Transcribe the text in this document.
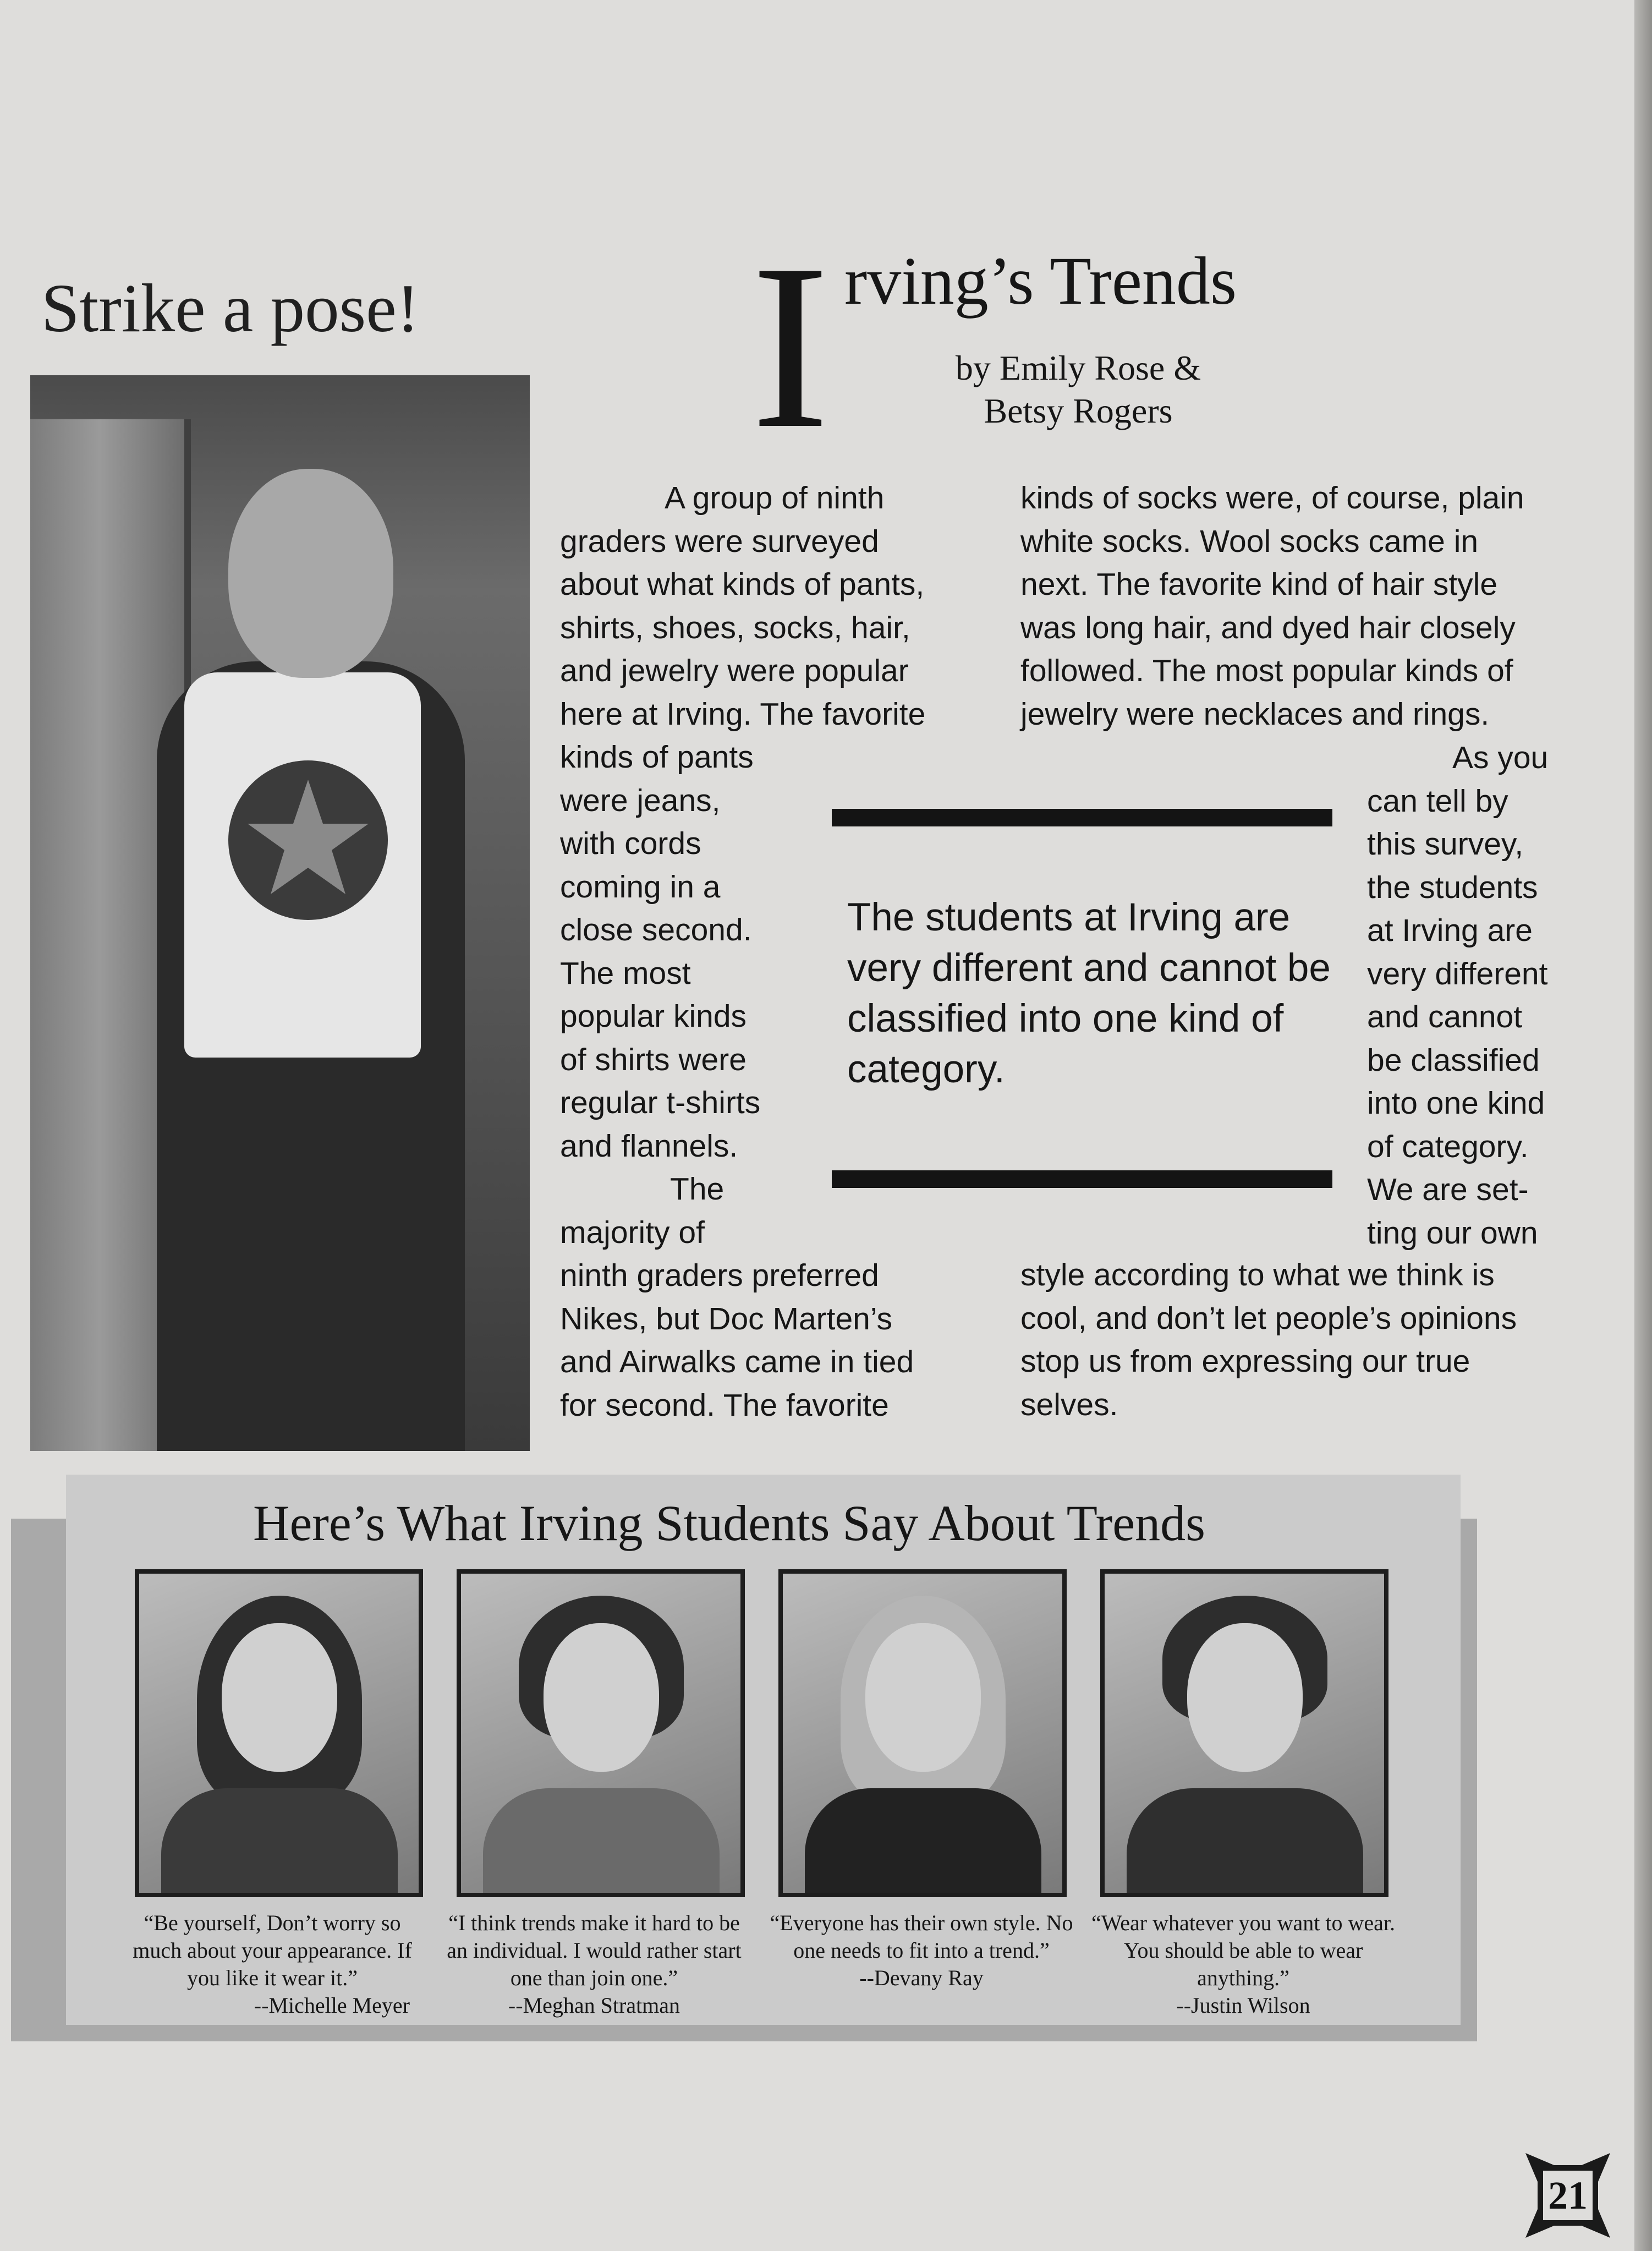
Strike a pose! I rving’s Trends
by Emily Rose &
Betsy Rogers

A group of ninth

graders were surveyed

about what kinds of pants,

shirts, shoes, socks, hair,

and jewelry were popular

here at Irving. The favorite

kinds of pants

were jeans,

with cords

coming in a

close second.

The most

popular kinds

of shirts were

regular t-shirts

and flannels.

The

majority of

ninth graders preferred

Nikes, but Doc Marten’s

and Airwalks came in tied

for second. The favorite

kinds of socks were, of course, plain

white socks. Wool socks came in

next. The favorite kind of hair style

was long hair, and dyed hair closely

followed. The most popular kinds of

jewelry were necklaces and rings.

As you

can tell by

this survey,

the students

at Irving are

very different

and cannot

be classified

into one kind

of category.

We are set-

ting our own

style according to what we think is

cool, and don’t let people’s opinions

stop us from expressing our true

selves.

The students at Irving are very different and cannot be classified into one kind of category.
Here’s What Irving Students Say About Trends
“Be yourself, Don’t worry so much about your appearance. If you like it wear it.”
--Michelle Meyer
“I think trends make it hard to be an individual. I would rather start one than join one.”
--Meghan Stratman
“Everyone has their own style. No one needs to fit into a trend.”
--Devany Ray
“Wear whatever you want to wear. You should be able to wear anything.”
--Justin Wilson
21
